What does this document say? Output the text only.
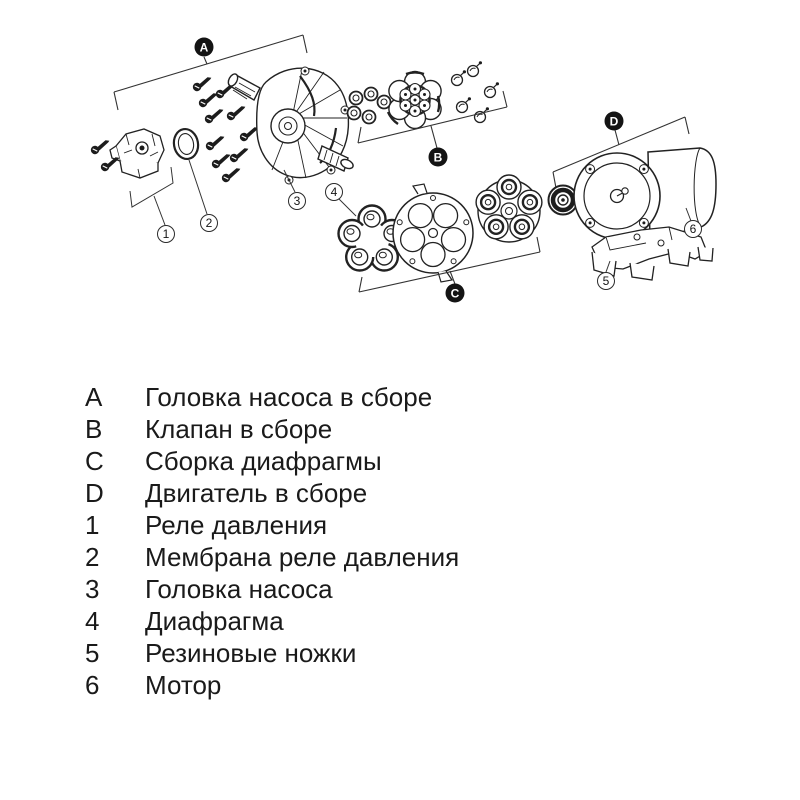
A
B
C
D
1
2
3
4
5
6
A	Головка насоса в сборе
B	Клапан в сборе
C	Сборка диафрагмы
D	Двигатель в сборе
1	Реле давления
2	Мембрана реле давления
3	Головка насоса
4	Диафрагма
5	Резиновые ножки
6	Мотор
